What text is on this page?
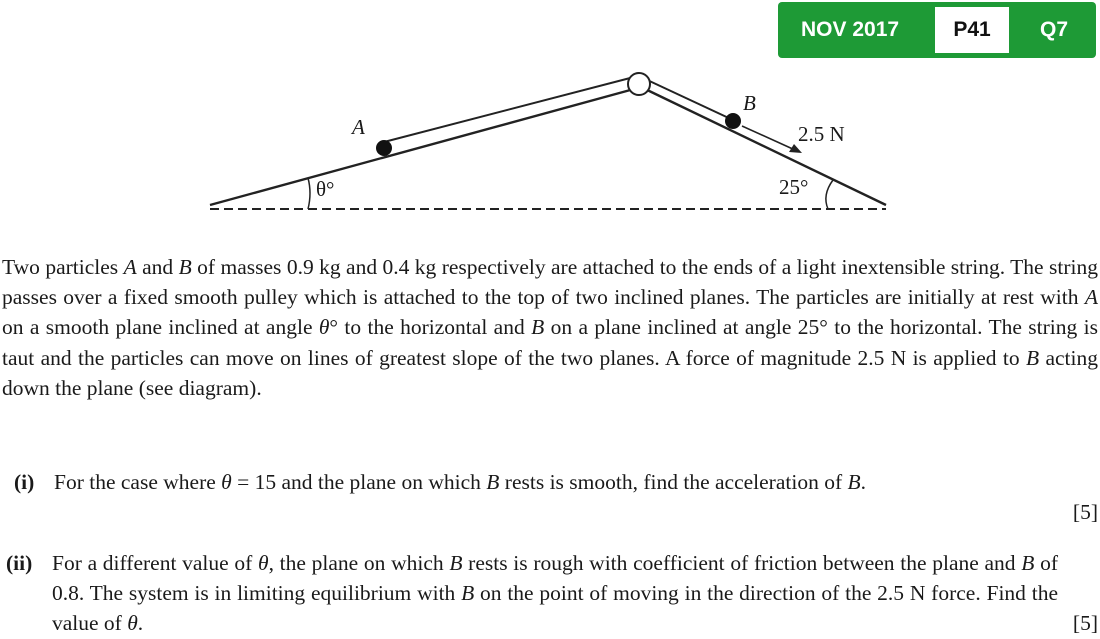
NOV 2017	P41	Q7
A
B
2.5 N
θ°	25°

Two particles A and B of masses 0.9 kg and 0.4 kg respectively are attached to the ends of a light inextensible string. The string passes over a fixed smooth pulley which is attached to the top of two inclined planes. The particles are initially at rest with A on a smooth plane inclined at angle θ° to the horizontal and B on a plane inclined at angle 25° to the horizontal. The string is taut and the particles can move on lines of greatest slope of the two planes. A force of magnitude 2.5 N is applied to B acting down the plane (see diagram).

(i) For the case where θ = 15 and the plane on which B rests is smooth, find the acceleration of B.
[5]
(ii) For a different value of θ, the plane on which B rests is rough with coefficient of friction between the plane and B of 0.8. The system is in limiting equilibrium with B on the point of moving in the direction of the 2.5 N force. Find the value of θ.	[5]
